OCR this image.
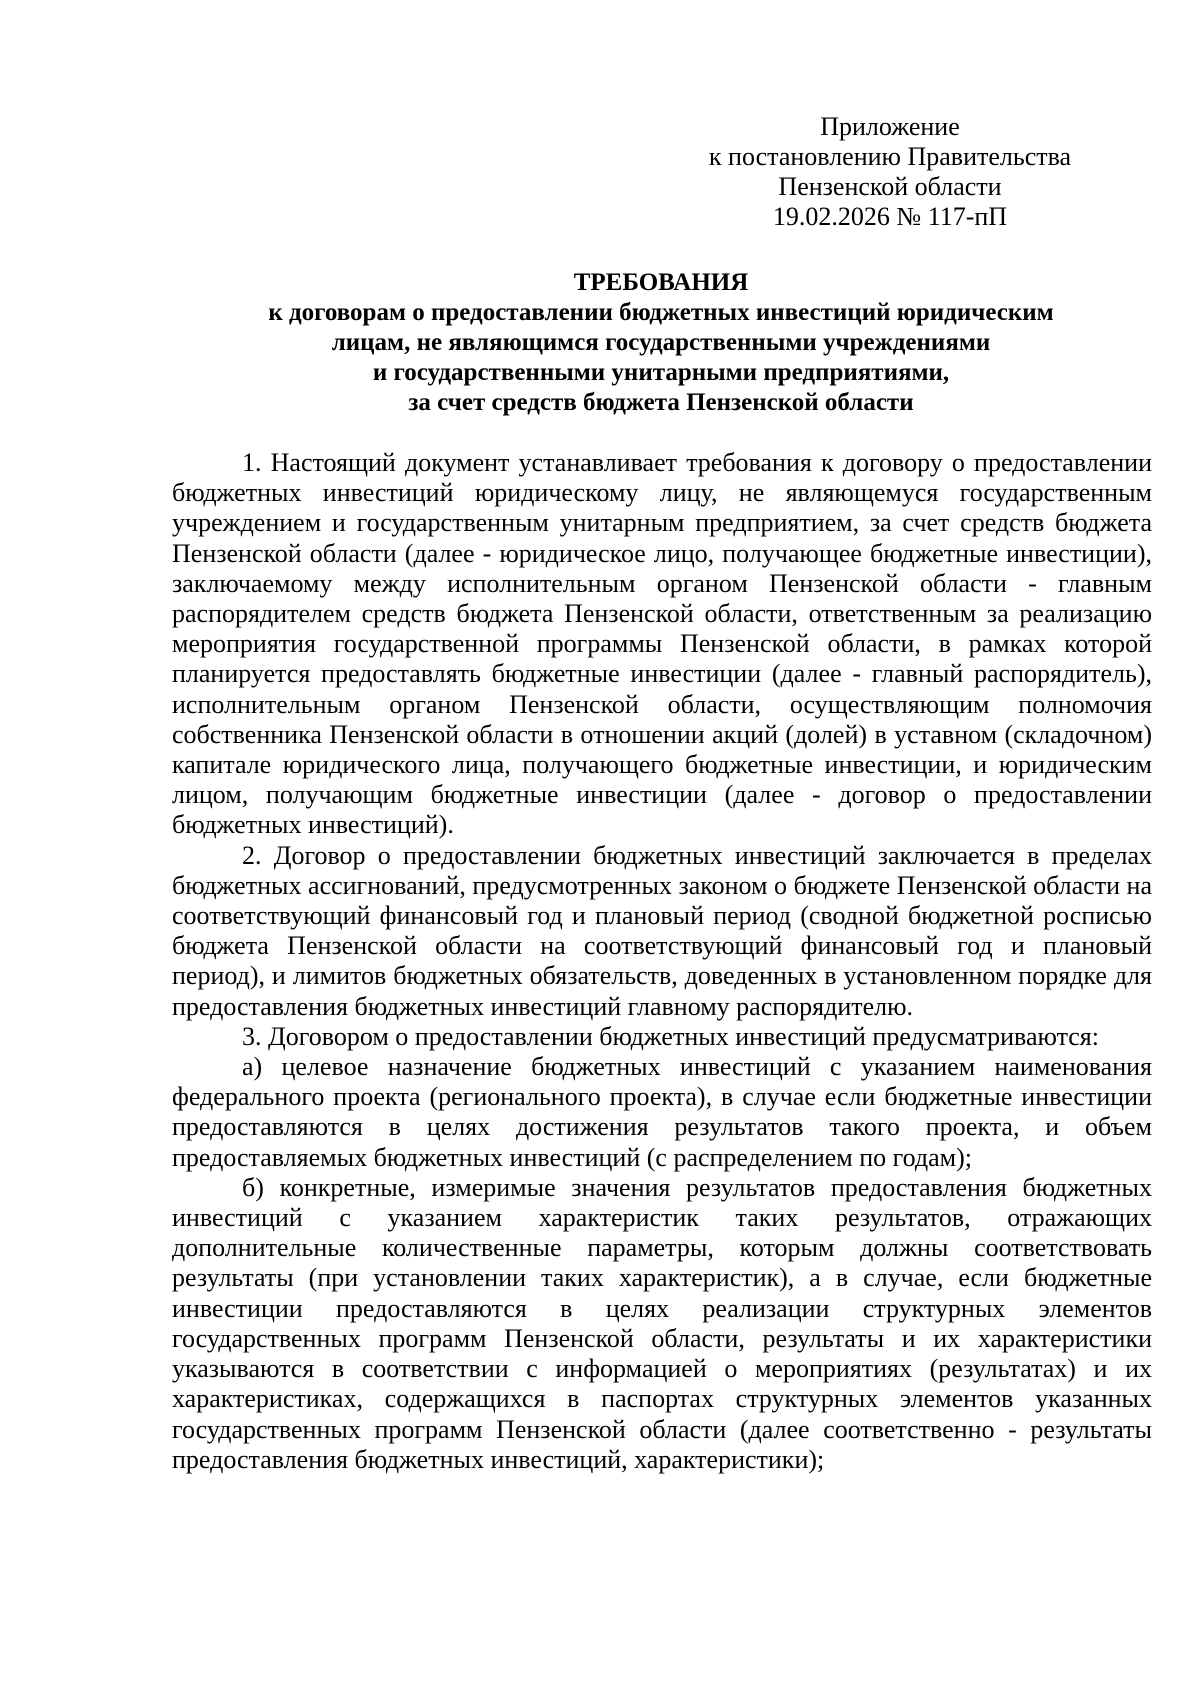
Приложение
к постановлению Правительства
Пензенской области
19.02.2026 № 117-пП
ТРЕБОВАНИЯ
к договорам о предоставлении бюджетных инвестиций юридическим
лицам, не являющимся государственными учреждениями
и государственными унитарными предприятиями,
за счет средств бюджета Пензенской области

1. Настоящий документ устанавливает требования к договору о предоставлении бюджетных инвестиций юридическому лицу, не являющемуся государственным учреждением и государственным унитарным предприятием, за счет средств бюджета Пензенской области (далее - юридическое лицо, получающее бюджетные инвестиции), заключаемому между исполнительным органом Пензенской области - главным распорядителем средств бюджета Пензенской области, ответственным за реализацию мероприятия государственной программы Пензенской области, в рамках которой планируется предоставлять бюджетные инвестиции (далее - главный распорядитель), исполнительным органом Пензенской области, осуществляющим полномочия собственника Пензенской области в отношении акций (долей) в уставном (складочном) капитале юридического лица, получающего бюджетные инвестиции, и юридическим лицом, получающим бюджетные инвестиции (далее - договор о предоставлении бюджетных инвестиций).

2. Договор о предоставлении бюджетных инвестиций заключается в пределах бюджетных ассигнований, предусмотренных законом о бюджете Пензенской области на соответствующий финансовый год и плановый период (сводной бюджетной росписью бюджета Пензенской области на соответствующий финансовый год и плановый период), и лимитов бюджетных обязательств, доведенных в установленном порядке для предоставления бюджетных инвестиций главному распорядителю.

3. Договором о предоставлении бюджетных инвестиций предусматриваются:

а) целевое назначение бюджетных инвестиций с указанием наименования федерального проекта (регионального проекта), в случае если бюджетные инвестиции предоставляются в целях достижения результатов такого проекта, и объем предоставляемых бюджетных инвестиций (с распределением по годам);

б) конкретные, измеримые значения результатов предоставления бюджетных инвестиций с указанием характеристик таких результатов, отражающих дополнительные количественные параметры, которым должны соответствовать результаты (при установлении таких характеристик), а в случае, если бюджетные инвестиции предоставляются в целях реализации структурных элементов государственных программ Пензенской области, результаты и их характеристики указываются в соответствии с информацией о мероприятиях (результатах) и их характеристиках, содержащихся в паспортах структурных элементов указанных государственных программ Пензенской области (далее соответственно - результаты предоставления бюджетных инвестиций, характеристики);
